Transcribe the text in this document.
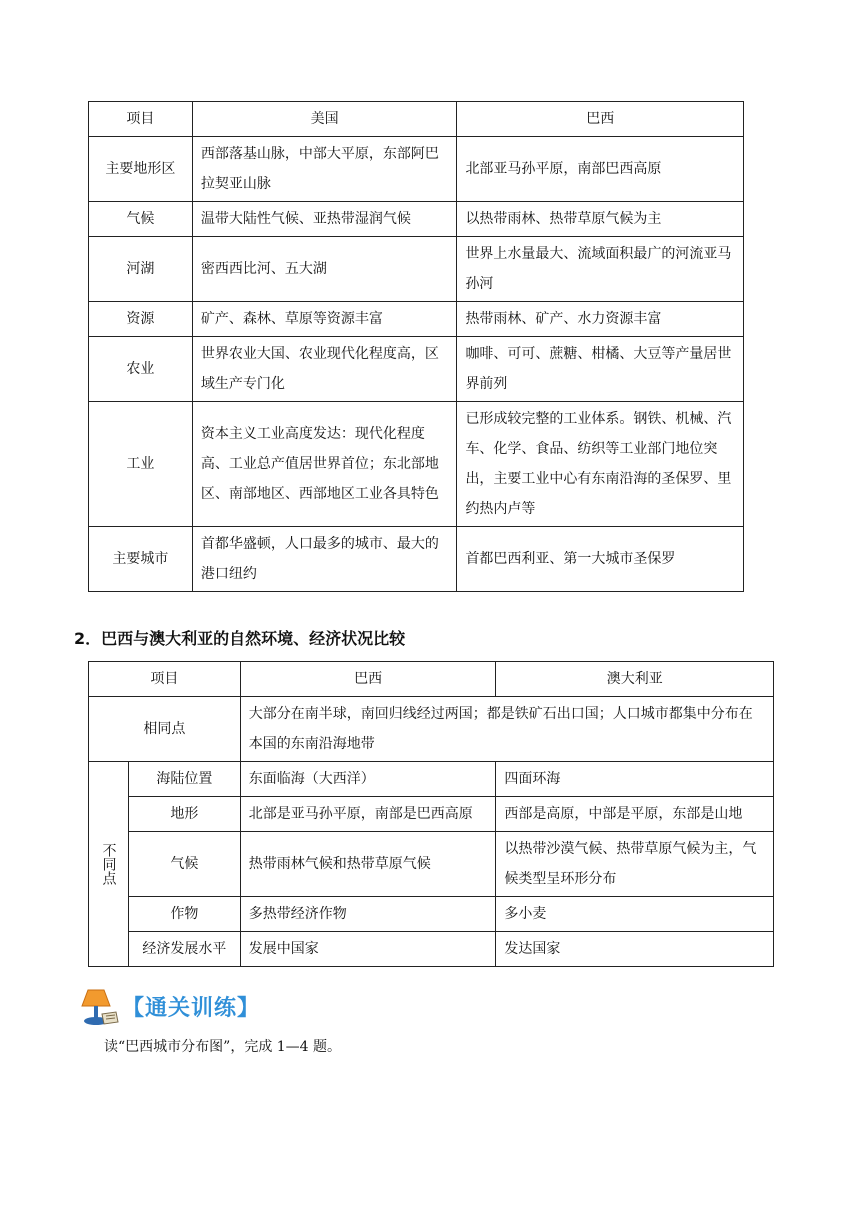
项目	美国	巴西
主要地形区	西部落基山脉，中部大平原，东部阿巴拉契亚山脉	北部亚马孙平原，南部巴西高原
气候	温带大陆性气候、亚热带湿润气候	以热带雨林、热带草原气候为主
河湖	密西西比河、五大湖	世界上水量最大、流域面积最广的河流亚马孙河
资源	矿产、森林、草原等资源丰富	热带雨林、矿产、水力资源丰富
农业	世界农业大国、农业现代化程度高，区域生产专门化	咖啡、可可、蔗糖、柑橘、大豆等产量居世界前列
工业	资本主义工业高度发达：现代化程度高、工业总产值居世界首位；东北部地区、南部地区、西部地区工业各具特色	已形成较完整的工业体系。钢铁、机械、汽车、化学、食品、纺织等工业部门地位突出，主要工业中心有东南沿海的圣保罗、里约热内卢等
主要城市	首都华盛顿，人口最多的城市、最大的港口纽约	首都巴西利亚、第一大城市圣保罗
2．巴西与澳大利亚的自然环境、经济状况比较
项目		巴西	澳大利亚
相同点		大部分在南半球，南回归线经过两国；都是铁矿石出口国；人口城市都集中分布在本国的东南沿海地带	
不同点	海陆位置	东面临海（大西洋）	四面环海
	地形	北部是亚马孙平原，南部是巴西高原	西部是高原，中部是平原，东部是山地
	气候	热带雨林气候和热带草原气候	以热带沙漠气候、热带草原气候为主，气候类型呈环形分布
	作物	多热带经济作物	多小麦
	经济发展水平	发展中国家	发达国家
【通关训练】
读“巴西城市分布图”，完成 1—4 题。
